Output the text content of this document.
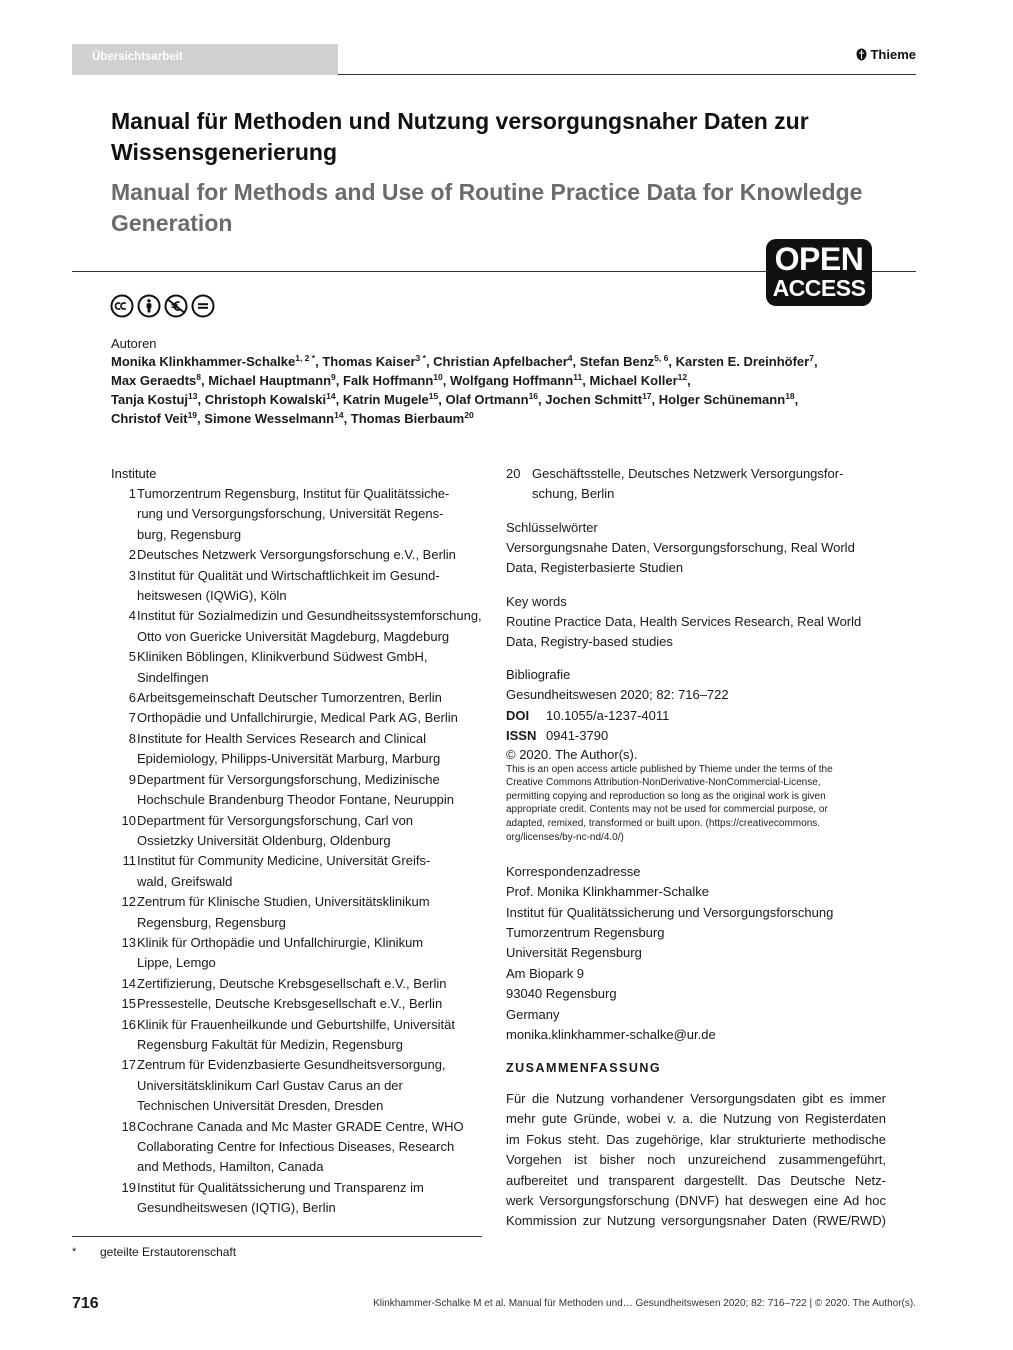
Übersichtsarbeit	Thieme
Manual für Methoden und Nutzung versorgungsnaher Daten zur Wissensgenerierung
Manual for Methods and Use of Routine Practice Data for Knowledge Generation
OPEN
ACCESS
Autoren
Monika Klinkhammer-Schalke$^{1, 2 *}$, Thomas Kaiser$^{3 *}$, Christian Apfelbacher$^4$, Stefan Benz$^{5, 6}$, Karsten E. Dreinhöfer$^7$,
Max Geraedts$^8$, Michael Hauptmann$^9$, Falk Hoffmann$^{10}$, Wolfgang Hoffmann$^{11}$, Michael Koller$^{12}$,
Tanja Kostuj$^{13}$, Christoph Kowalski$^{14}$, Katrin Mugele$^{15}$, Olaf Ortmann$^{16}$, Jochen Schmitt$^{17}$, Holger Schünemann$^{18}$,
Christof Veit$^{19}$, Simone Wesselmann$^{14}$, Thomas Bierbaum$^{20}$
Institute
1 Tumorzentrum Regensburg, Institut für Qualitätssiche-
rung und Versorgungsforschung, Universität Regens-
burg, Regensburg
2 Deutsches Netzwerk Versorgungsforschung e.V., Berlin
3 Institut für Qualität und Wirtschaftlichkeit im Gesund-
heitswesen (IQWiG), Köln
4 Institut für Sozialmedizin und Gesundheitssystemforschung,
Otto von Guericke Universität Magdeburg, Magdeburg
5 Kliniken Böblingen, Klinikverbund Südwest GmbH,
Sindelfingen
6 Arbeitsgemeinschaft Deutscher Tumorzentren, Berlin
7 Orthopädie und Unfallchirurgie, Medical Park AG, Berlin
8 Institute for Health Services Research and Clinical
Epidemiology, Philipps-Universität Marburg, Marburg
9 Department für Versorgungsforschung, Medizinische
Hochschule Brandenburg Theodor Fontane, Neuruppin
10 Department für Versorgungsforschung, Carl von
Ossietzky Universität Oldenburg, Oldenburg
11 Institut für Community Medicine, Universität Greifs-
wald, Greifswald
12 Zentrum für Klinische Studien, Universitätsklinikum
Regensburg, Regensburg
13 Klinik für Orthopädie und Unfallchirurgie, Klinikum
Lippe, Lemgo
14 Zertifizierung, Deutsche Krebsgesellschaft e.V., Berlin
15 Pressestelle, Deutsche Krebsgesellschaft e.V., Berlin
16 Klinik für Frauenheilkunde und Geburtshilfe, Universität
Regensburg Fakultät für Medizin, Regensburg
17 Zentrum für Evidenzbasierte Gesundheitsversorgung,
Universitätsklinikum Carl Gustav Carus an der
Technischen Universität Dresden, Dresden
18 Cochrane Canada and Mc Master GRADE Centre, WHO
Collaborating Centre for Infectious Diseases, Research
and Methods, Hamilton, Canada
19 Institut für Qualitätssicherung und Transparenz im
Gesundheitswesen (IQTIG), Berlin
* geteilte Erstautorenschaft
20 Geschäftsstelle, Deutsches Netzwerk Versorgungsfor-
schung, Berlin
Schlüsselwörter
Versorgungsnahe Daten, Versorgungsforschung, Real World
Data, Registerbasierte Studien
Key words
Routine Practice Data, Health Services Research, Real World
Data, Registry-based studies
Bibliografie
Gesundheitswesen 2020; 82: 716–722
DOI 10.1055/a-1237-4011
ISSN 0941-3790
© 2020. The Author(s).
This is an open access article published by Thieme under the terms of the
Creative Commons Attribution-NonDerivative-NonCommercial-License,
permitting copying and reproduction so long as the original work is given
appropriate credit. Contents may not be used for commercial purpose, or
adapted, remixed, transformed or built upon. (https://creativecommons.
org/licenses/by-nc-nd/4.0/)
Korrespondenzadresse
Prof. Monika Klinkhammer-Schalke
Institut für Qualitätssicherung und Versorgungsforschung
Tumorzentrum Regensburg
Universität Regensburg
Am Biopark 9
93040 Regensburg
Germany
monika.klinkhammer-schalke@ur.de
ZUSAMMENFASSUNG
Für die Nutzung vorhandener Versorgungsdaten gibt es immer
mehr gute Gründe, wobei v. a. die Nutzung von Registerdaten
im Fokus steht. Das zugehörige, klar strukturierte methodische
Vorgehen ist bisher noch unzureichend zusammengeführt,
aufbereitet und transparent dargestellt. Das Deutsche Netz-
werk Versorgungsforschung (DNVF) hat deswegen eine Ad hoc
Kommission zur Nutzung versorgungsnaher Daten (RWE/RWD)
716	Klinkhammer-Schalke M et al. Manual für Methoden und… Gesundheitswesen 2020; 82: 716–722 | © 2020. The Author(s).
